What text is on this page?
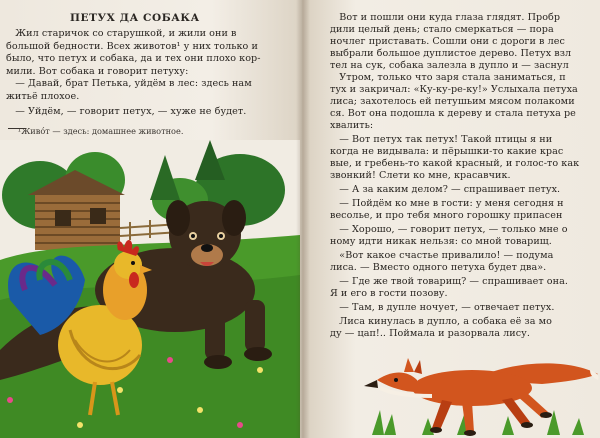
ПЕТУХ ДА СОБАКА
Жил старичок со старушкой, и жили они в
большой бедности. Всех животов¹ у них только и
было, что петух и собака, да и тех они плохо кор-
мили. Вот собака и говорит петуху:
— Давай, брат Петька, уйдём в лес: здесь нам
житьё плохое.
— Уйдём, — говорит петух, — хуже не будет.
¹Живóт — здесь: домашнее животное.
Вот и пошли они куда глаза глядят. Пробр
дили целый день; стало смеркаться — пора
ночлег приставать. Сошли они с дороги в лес
выбрали большое дуплистое дерево. Петух взл
тел на сук, собака залезла в дупло и — заснул
Утром, только что заря стала заниматься, п
тух и закричал: «Ку-ку-ре-ку!» Услыхала петуха
лиса; захотелось ей петушьим мясом полакоми
ся. Вот она подошла к дереву и стала петуха ре
хвалить:
— Вот петух так петух! Такой птицы я ни
когда не видывала: и пёрышки-то какие крас
вые, и гребень-то какой красный, и голос-то как
звонкий! Слети ко мне, красавчик.
— А за каким делом? — спрашивает петух.
— Пойдём ко мне в гости: у меня сегодня н
весолье, и про тебя много горошку припасен
— Хорошо, — говорит петух, — только мне о
ному идти никак нельзя: со мной товарищ.
«Вот какое счастье привалило! — подума
лиса. — Вместо одного петуха будет два».
— Где же твой товарищ? — спрашивает она.
Я и его в гости позову.
— Там, в дупле ночует, — отвечает петух.
Лиса кинулась в дупло, а собака её за мо
ду — цап!.. Поймала и разорвала лису.
